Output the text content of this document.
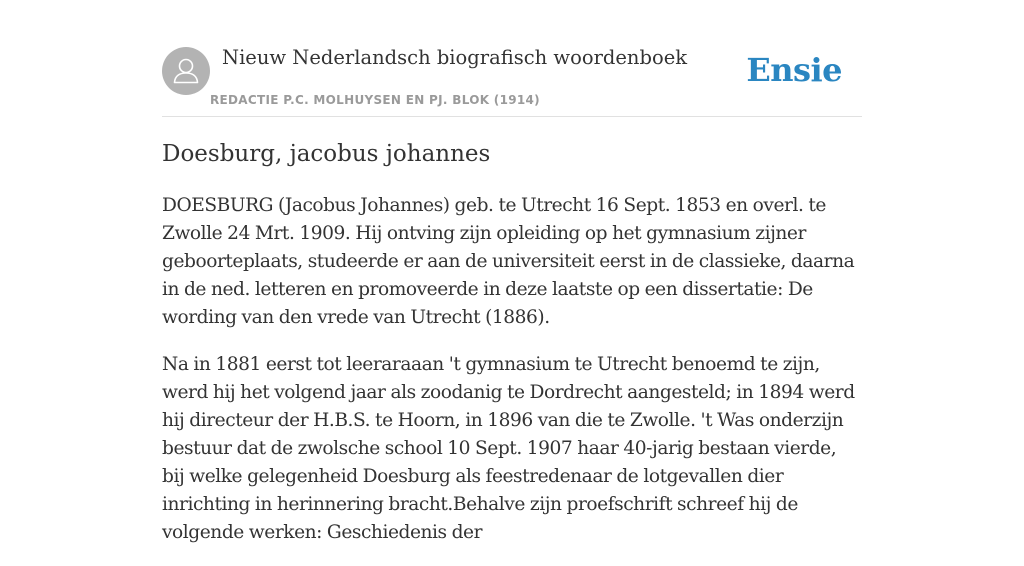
Nieuw Nederlandsch biografisch woordenboek
REDACTIE P.C. MOLHUYSEN EN PJ. BLOK (1914)
Ensie
Doesburg, jacobus johannes

DOESBURG (Jacobus Johannes) geb. te Utrecht 16 Sept. 1853 en overl. te Zwolle 24 Mrt. 1909. Hij ontving zijn opleiding op het gymnasium zijner geboorteplaats, studeerde er aan de universiteit eerst in de classieke, daarna in de ned. letteren en promoveerde in deze laatste op een dissertatie: De wording van den vrede van Utrecht (1886).

Na in 1881 eerst tot leeraraaan 't gymnasium te Utrecht benoemd te zijn, werd hij het volgend jaar als zoodanig te Dordrecht aangesteld; in 1894 werd hij directeur der H.B.S. te Hoorn, in 1896 van die te Zwolle. 't Was onderzijn bestuur dat de zwolsche school 10 Sept. 1907 haar 40-jarig bestaan vierde, bij welke gelegenheid Doesburg als feestredenaar de lotgevallen dier inrichting in herinnering bracht.Behalve zijn proefschrift schreef hij de volgende werken: Geschiedenis der
